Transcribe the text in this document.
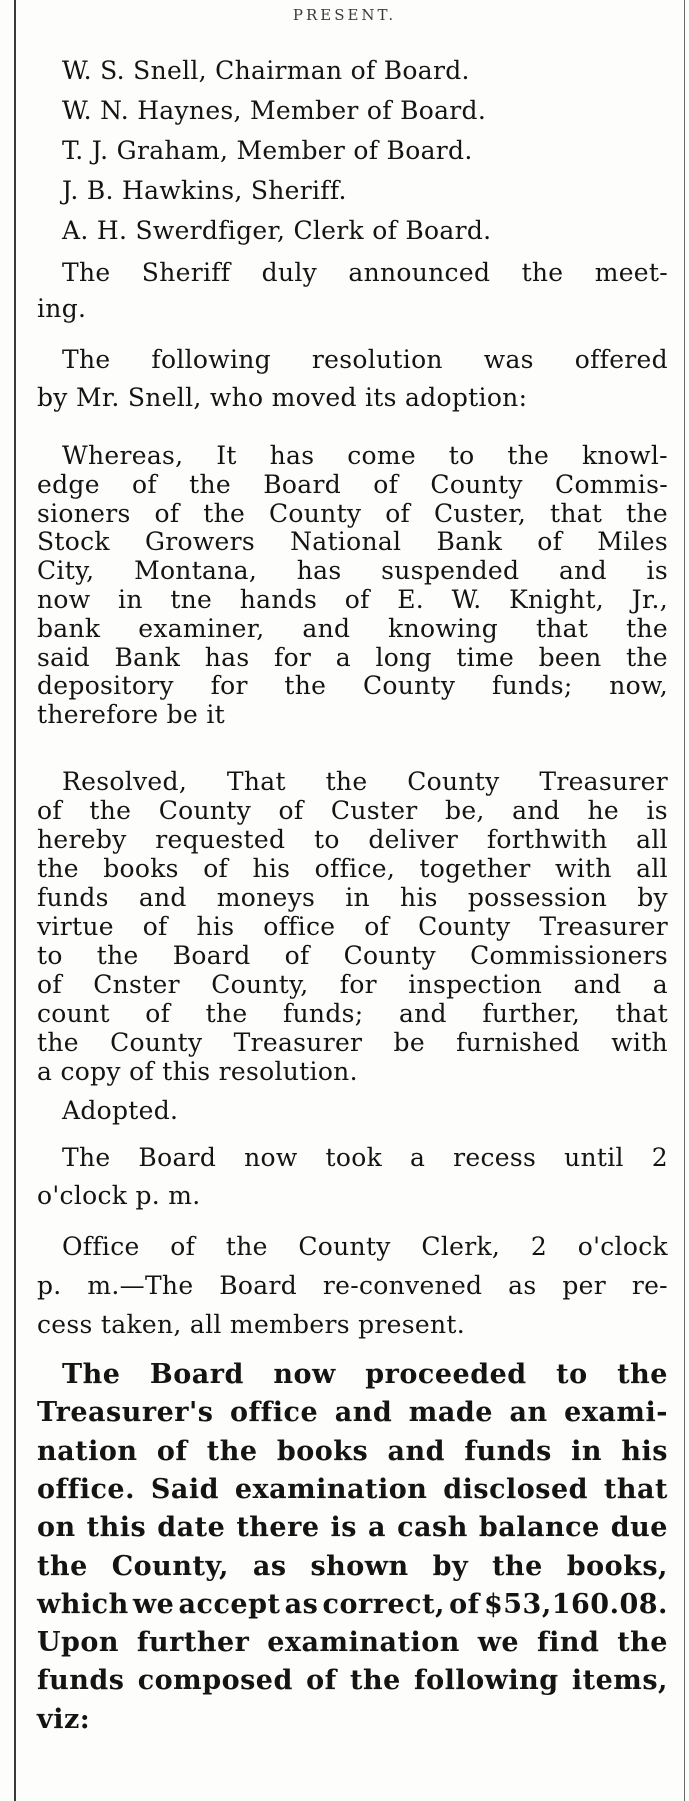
PRESENT.
W. S. Snell, Chairman of Board.
W. N. Haynes, Member of Board.
T. J. Graham, Member of Board.
J. B. Hawkins, Sheriff.
A. H. Swerdfiger, Clerk of Board.
The Sheriff duly announced the meet-
ing.
The following resolution was offered
by Mr. Snell, who moved its adoption:
Whereas, It has come to the knowl-
edge of the Board of County Commis-
sioners of the County of Custer, that the
Stock Growers National Bank of Miles
City, Montana, has suspended and is
now in tne hands of E. W. Knight, Jr.,
bank examiner, and knowing that the
said Bank has for a long time been the
depository for the County funds; now,
therefore be it
Resolved, That the County Treasurer
of the County of Custer be, and he is
hereby requested to deliver forthwith all
the books of his office, together with all
funds and moneys in his possession by
virtue of his office of County Treasurer
to the Board of County Commissioners
of Cnster County, for inspection and a
count of the funds; and further, that
the County Treasurer be furnished with
a copy of this resolution.
Adopted.
The Board now took a recess until 2
o'clock p. m.
Office of the County Clerk, 2 o'clock
p. m.—The Board re-convened as per re-
cess taken, all members present.
The Board now proceeded to the
Treasurer's office and made an exami-
nation of the books and funds in his
office. Said examination disclosed that
on this date there is a cash balance due
the County, as shown by the books,
which we accept as correct, of $53,160.08.
Upon further examination we find the
funds composed of the following items,
viz:
